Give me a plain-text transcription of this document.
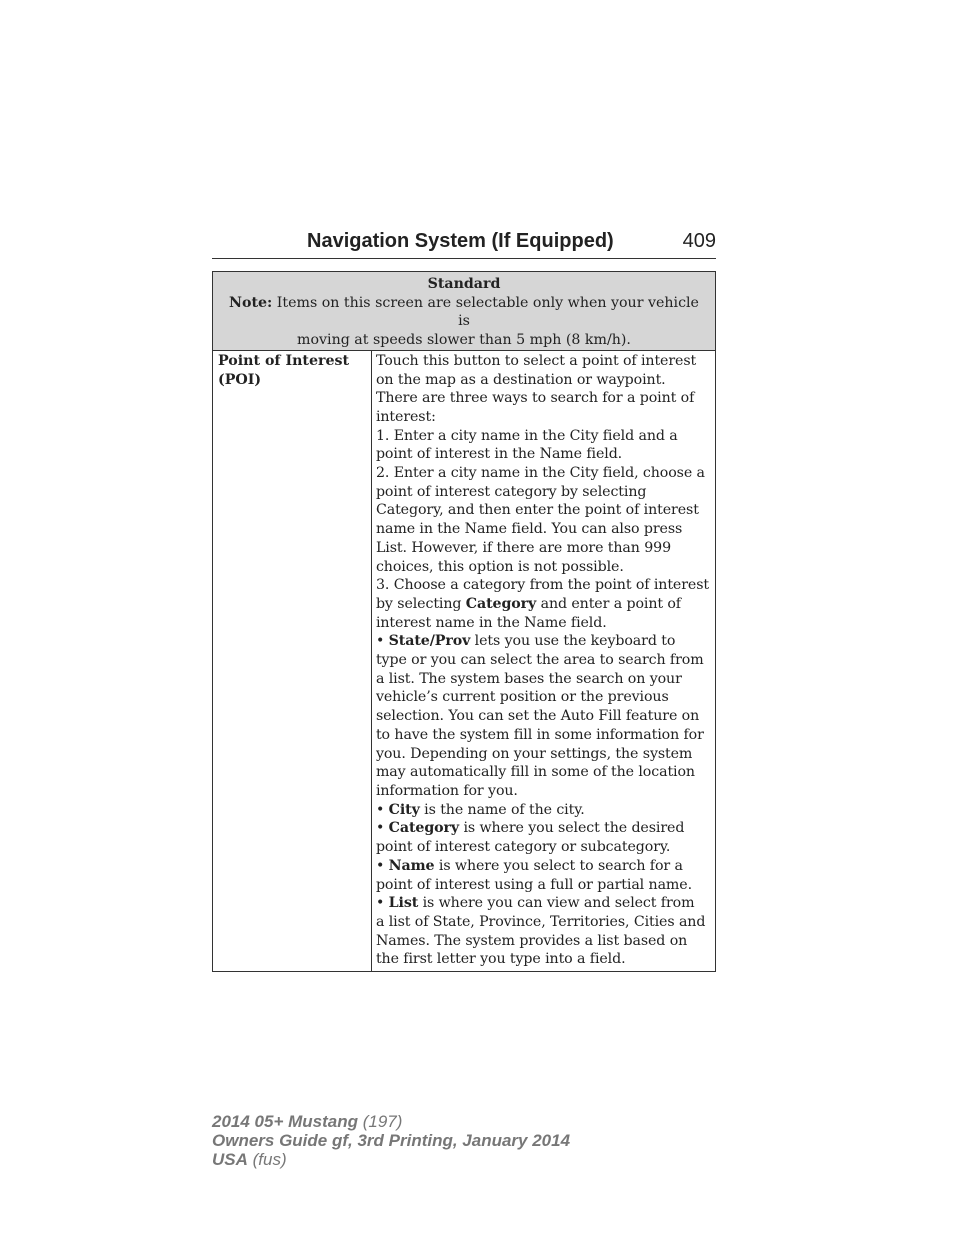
Navigation System (If Equipped)	409
Standard
Note: Items on this screen are selectable only when your vehicle is
moving at speeds slower than 5 mph (8 km/h).

Point of Interest
(POI)

Touch this button to select a point of interest
on the map as a destination or waypoint.
There are three ways to search for a point of
interest:
1. Enter a city name in the City field and a
point of interest in the Name field.
2. Enter a city name in the City field, choose a
point of interest category by selecting
Category, and then enter the point of interest
name in the Name field. You can also press
List. However, if there are more than 999
choices, this option is not possible.
3. Choose a category from the point of interest
by selecting Category and enter a point of
interest name in the Name field.
• State/Prov lets you use the keyboard to
type or you can select the area to search from
a list. The system bases the search on your
vehicle’s current position or the previous
selection. You can set the Auto Fill feature on
to have the system fill in some information for
you. Depending on your settings, the system
may automatically fill in some of the location
information for you.
• City is the name of the city.
• Category is where you select the desired
point of interest category or subcategory.
• Name is where you select to search for a
point of interest using a full or partial name.
• List is where you can view and select from
a list of State, Province, Territories, Cities and
Names. The system provides a list based on
the first letter you type into a field.
2014 05+ Mustang (197)
Owners Guide gf, 3rd Printing, January 2014
USA (fus)
